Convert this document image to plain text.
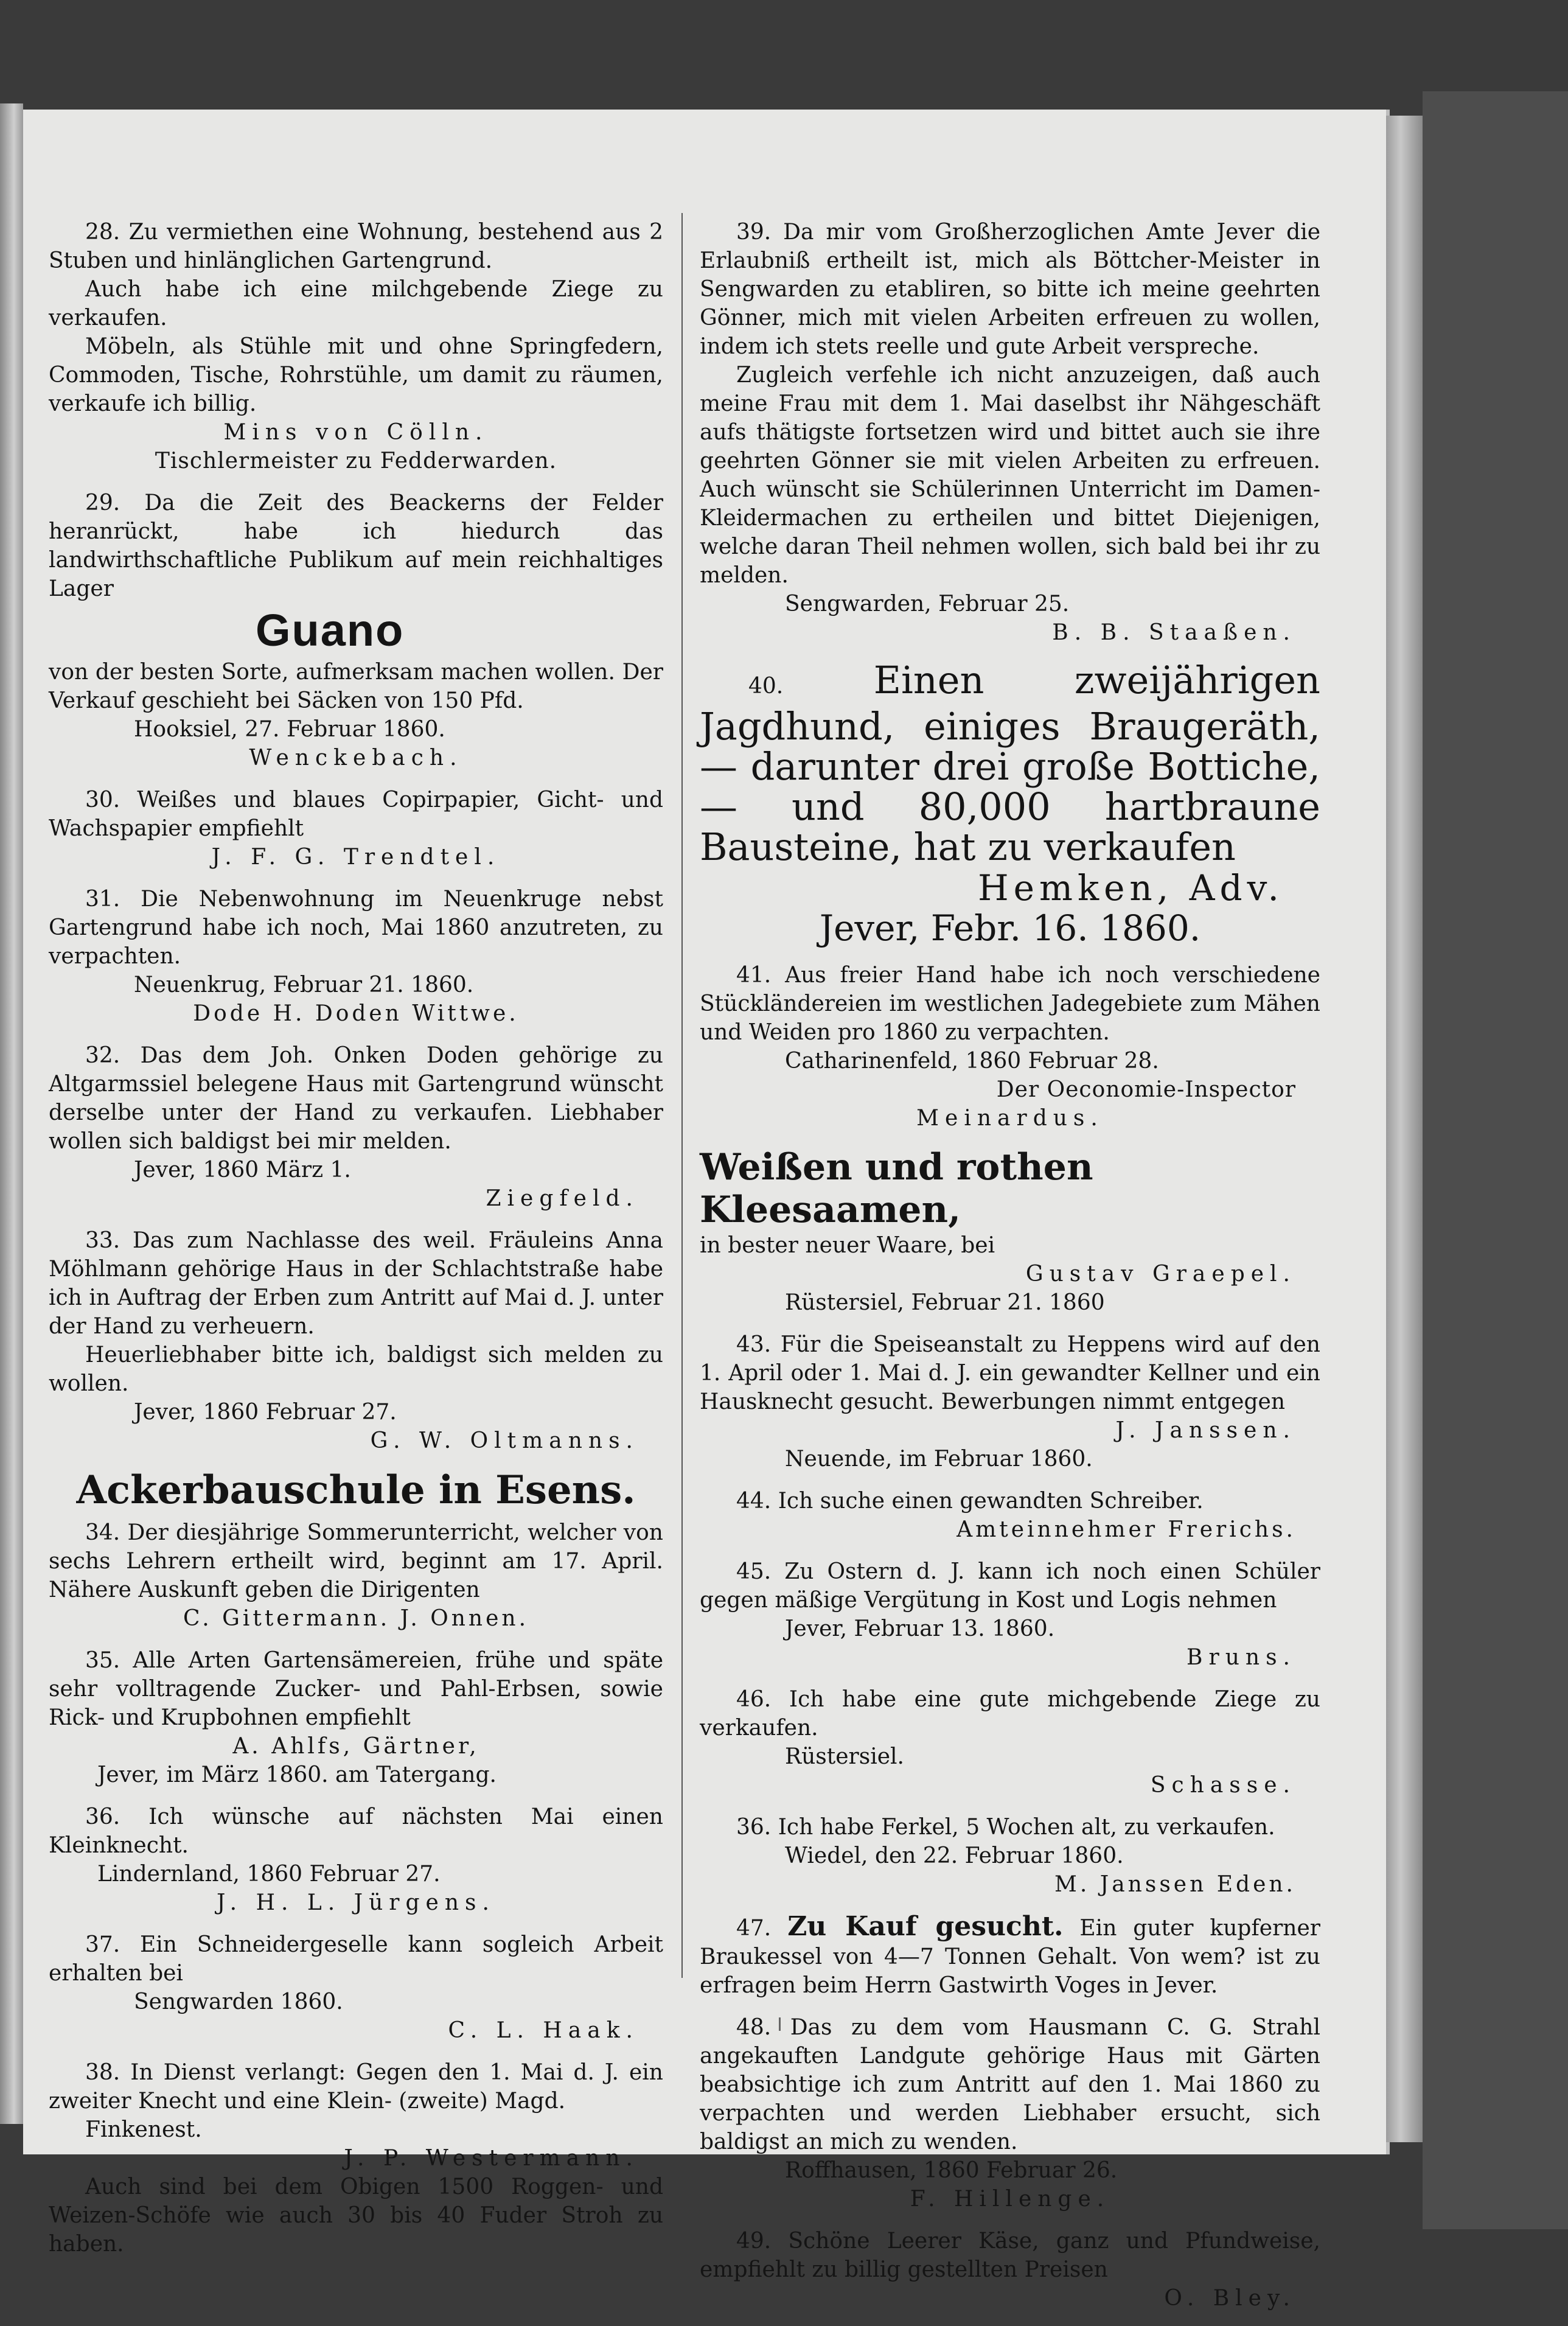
28. Zu vermiethen eine Wohnung, bestehend aus 2 Stuben und hinlänglichen Gartengrund.

Auch habe ich eine milchgebende Ziege zu verkaufen.

Möbeln, als Stühle mit und ohne Springfedern, Commoden, Tische, Rohrstühle, um damit zu räumen, verkaufe ich billig.

Mins von Cölln.
Tischlermeister zu Fedderwarden.

29. Da die Zeit des Beackerns der Felder heranrückt, habe ich hiedurch das landwirthschaftliche Publikum auf mein reichhaltiges Lager

Guano

von der besten Sorte, aufmerksam machen wollen. Der Verkauf geschieht bei Säcken von 150 Pfd.

Hooksiel, 27. Februar 1860.

Wenckebach.

30. Weißes und blaues Copirpapier, Gicht- und Wachspapier empfiehlt

J. F. G. Trendtel.

31. Die Nebenwohnung im Neuenkruge nebst Gartengrund habe ich noch, Mai 1860 anzutreten, zu verpachten.

Neuenkrug, Februar 21. 1860.

Dode H. Doden Wittwe.

32. Das dem Joh. Onken Doden gehörige zu Altgarmssiel belegene Haus mit Gartengrund wünscht derselbe unter der Hand zu verkaufen. Liebhaber wollen sich baldigst bei mir melden.

Jever, 1860 März 1.

Ziegfeld.

33. Das zum Nachlasse des weil. Fräuleins Anna Möhlmann gehörige Haus in der Schlachtstraße habe ich in Auftrag der Erben zum Antritt auf Mai d. J. unter der Hand zu verheuern.

Heuerliebhaber bitte ich, baldigst sich melden zu wollen.

Jever, 1860 Februar 27.

G. W. Oltmanns.
Ackerbauschule in Esens.

34. Der diesjährige Sommerunterricht, welcher von sechs Lehrern ertheilt wird, beginnt am 17. April. Nähere Auskunft geben die Dirigenten

C. Gittermann. J. Onnen.

35. Alle Arten Gartensämereien, frühe und späte sehr volltragende Zucker- und Pahl-Erbsen, sowie Rick- und Krupbohnen empfiehlt

A. Ahlfs, Gärtner,

Jever, im März 1860. am Tatergang.

36. Ich wünsche auf nächsten Mai einen Kleinknecht.

Lindernland, 1860 Februar 27.

J. H. L. Jürgens.

37. Ein Schneidergeselle kann sogleich Arbeit erhalten bei

Sengwarden 1860.

C. L. Haak.

38. In Dienst verlangt: Gegen den 1. Mai d. J. ein zweiter Knecht und eine Klein- (zweite) Magd.

Finkenest.

J. P. Westermann.

Auch sind bei dem Obigen 1500 Roggen- und Weizen-Schöfe wie auch 30 bis 40 Fuder Stroh zu haben.

39. Da mir vom Großherzoglichen Amte Jever die Erlaubniß ertheilt ist, mich als Böttcher-Meister in Sengwarden zu etabliren, so bitte ich meine geehrten Gönner, mich mit vielen Arbeiten erfreuen zu wollen, indem ich stets reelle und gute Arbeit verspreche.

Zugleich verfehle ich nicht anzuzeigen, daß auch meine Frau mit dem 1. Mai daselbst ihr Nähgeschäft aufs thätigste fortsetzen wird und bittet auch sie ihre geehrten Gönner sie mit vielen Arbeiten zu erfreuen. Auch wünscht sie Schülerinnen Unterricht im Damen-Kleidermachen zu ertheilen und bittet Diejenigen, welche daran Theil nehmen wollen, sich bald bei ihr zu melden.

Sengwarden, Februar 25.

B. B. Staaßen.

40. Einen zweijährigen Jagdhund, einiges Braugeräth, — darunter drei große Bottiche, — und 80,000 hartbraune Bausteine, hat zu verkaufen

Hemken, Adv.
Jever, Febr. 16. 1860.

41. Aus freier Hand habe ich noch verschiedene Stückländereien im westlichen Jadegebiete zum Mähen und Weiden pro 1860 zu verpachten.

Catharinenfeld, 1860 Februar 28.

Der Oeconomie-Inspector
Meinardus.
Weißen und rothen Kleesaamen,

in bester neuer Waare, bei

Gustav Graepel.

Rüstersiel, Februar 21. 1860

43. Für die Speiseanstalt zu Heppens wird auf den 1. April oder 1. Mai d. J. ein gewandter Kellner und ein Hausknecht gesucht. Bewerbungen nimmt entgegen

J. Janssen.

Neuende, im Februar 1860.

44. Ich suche einen gewandten Schreiber.

Amteinnehmer Frerichs.

45. Zu Ostern d. J. kann ich noch einen Schüler gegen mäßige Vergütung in Kost und Logis nehmen

Jever, Februar 13. 1860.

Bruns.

46. Ich habe eine gute michgebende Ziege zu verkaufen.

Rüstersiel.

Schasse.

36. Ich habe Ferkel, 5 Wochen alt, zu verkaufen.

Wiedel, den 22. Februar 1860.

M. Janssen Eden.

47. Zu Kauf gesucht. Ein guter kupferner Braukessel von 4—7 Tonnen Gehalt. Von wem? ist zu erfragen beim Herrn Gastwirth Voges in Jever.

48. Das zu dem vom Hausmann C. G. Strahl angekauften Landgute gehörige Haus mit Gärten beabsichtige ich zum Antritt auf den 1. Mai 1860 zu verpachten und werden Liebhaber ersucht, sich baldigst an mich zu wenden.

Roffhausen, 1860 Februar 26.

F. Hillenge.

49. Schöne Leerer Käse, ganz und Pfundweise, empfiehlt zu billig gestellten Preisen

O. Bley.
